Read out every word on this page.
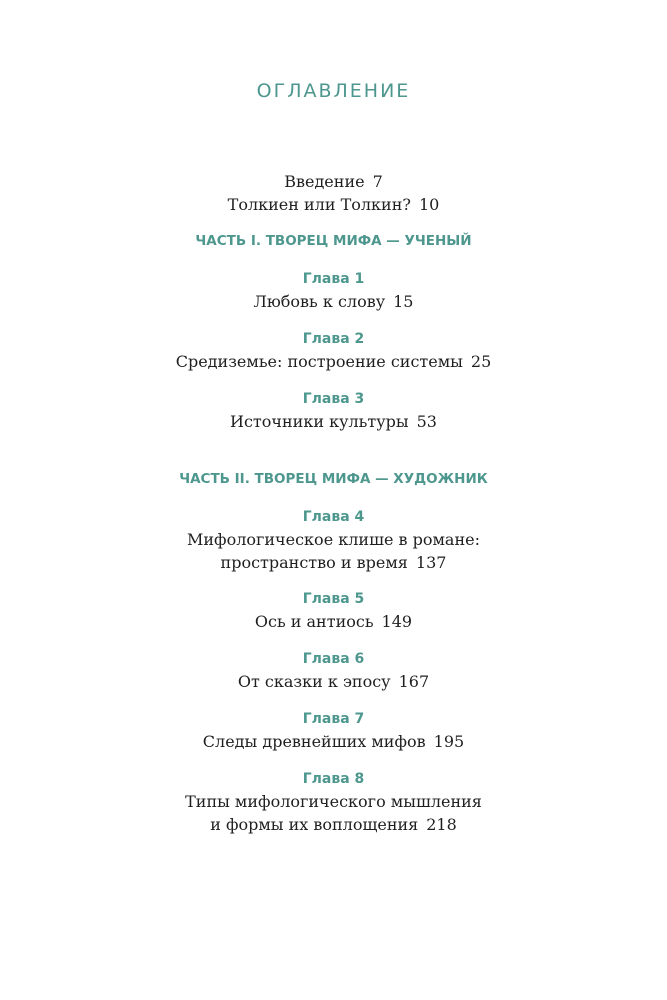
ОГЛАВЛЕНИЕ
Введение 7
Толкиен или Толкин? 10
ЧАСТЬ I. ТВОРЕЦ МИФА — УЧЕНЫЙ
Глава 1
Любовь к слову 15
Глава 2
Средиземье: построение системы 25
Глава 3
Источники культуры 53
ЧАСТЬ II. ТВОРЕЦ МИФА — ХУДОЖНИК
Глава 4
Мифологическое клише в романе:
пространство и время 137
Глава 5
Ось и антиось 149
Глава 6
От сказки к эпосу 167
Глава 7
Следы древнейших мифов 195
Глава 8
Типы мифологического мышления
и формы их воплощения 218
